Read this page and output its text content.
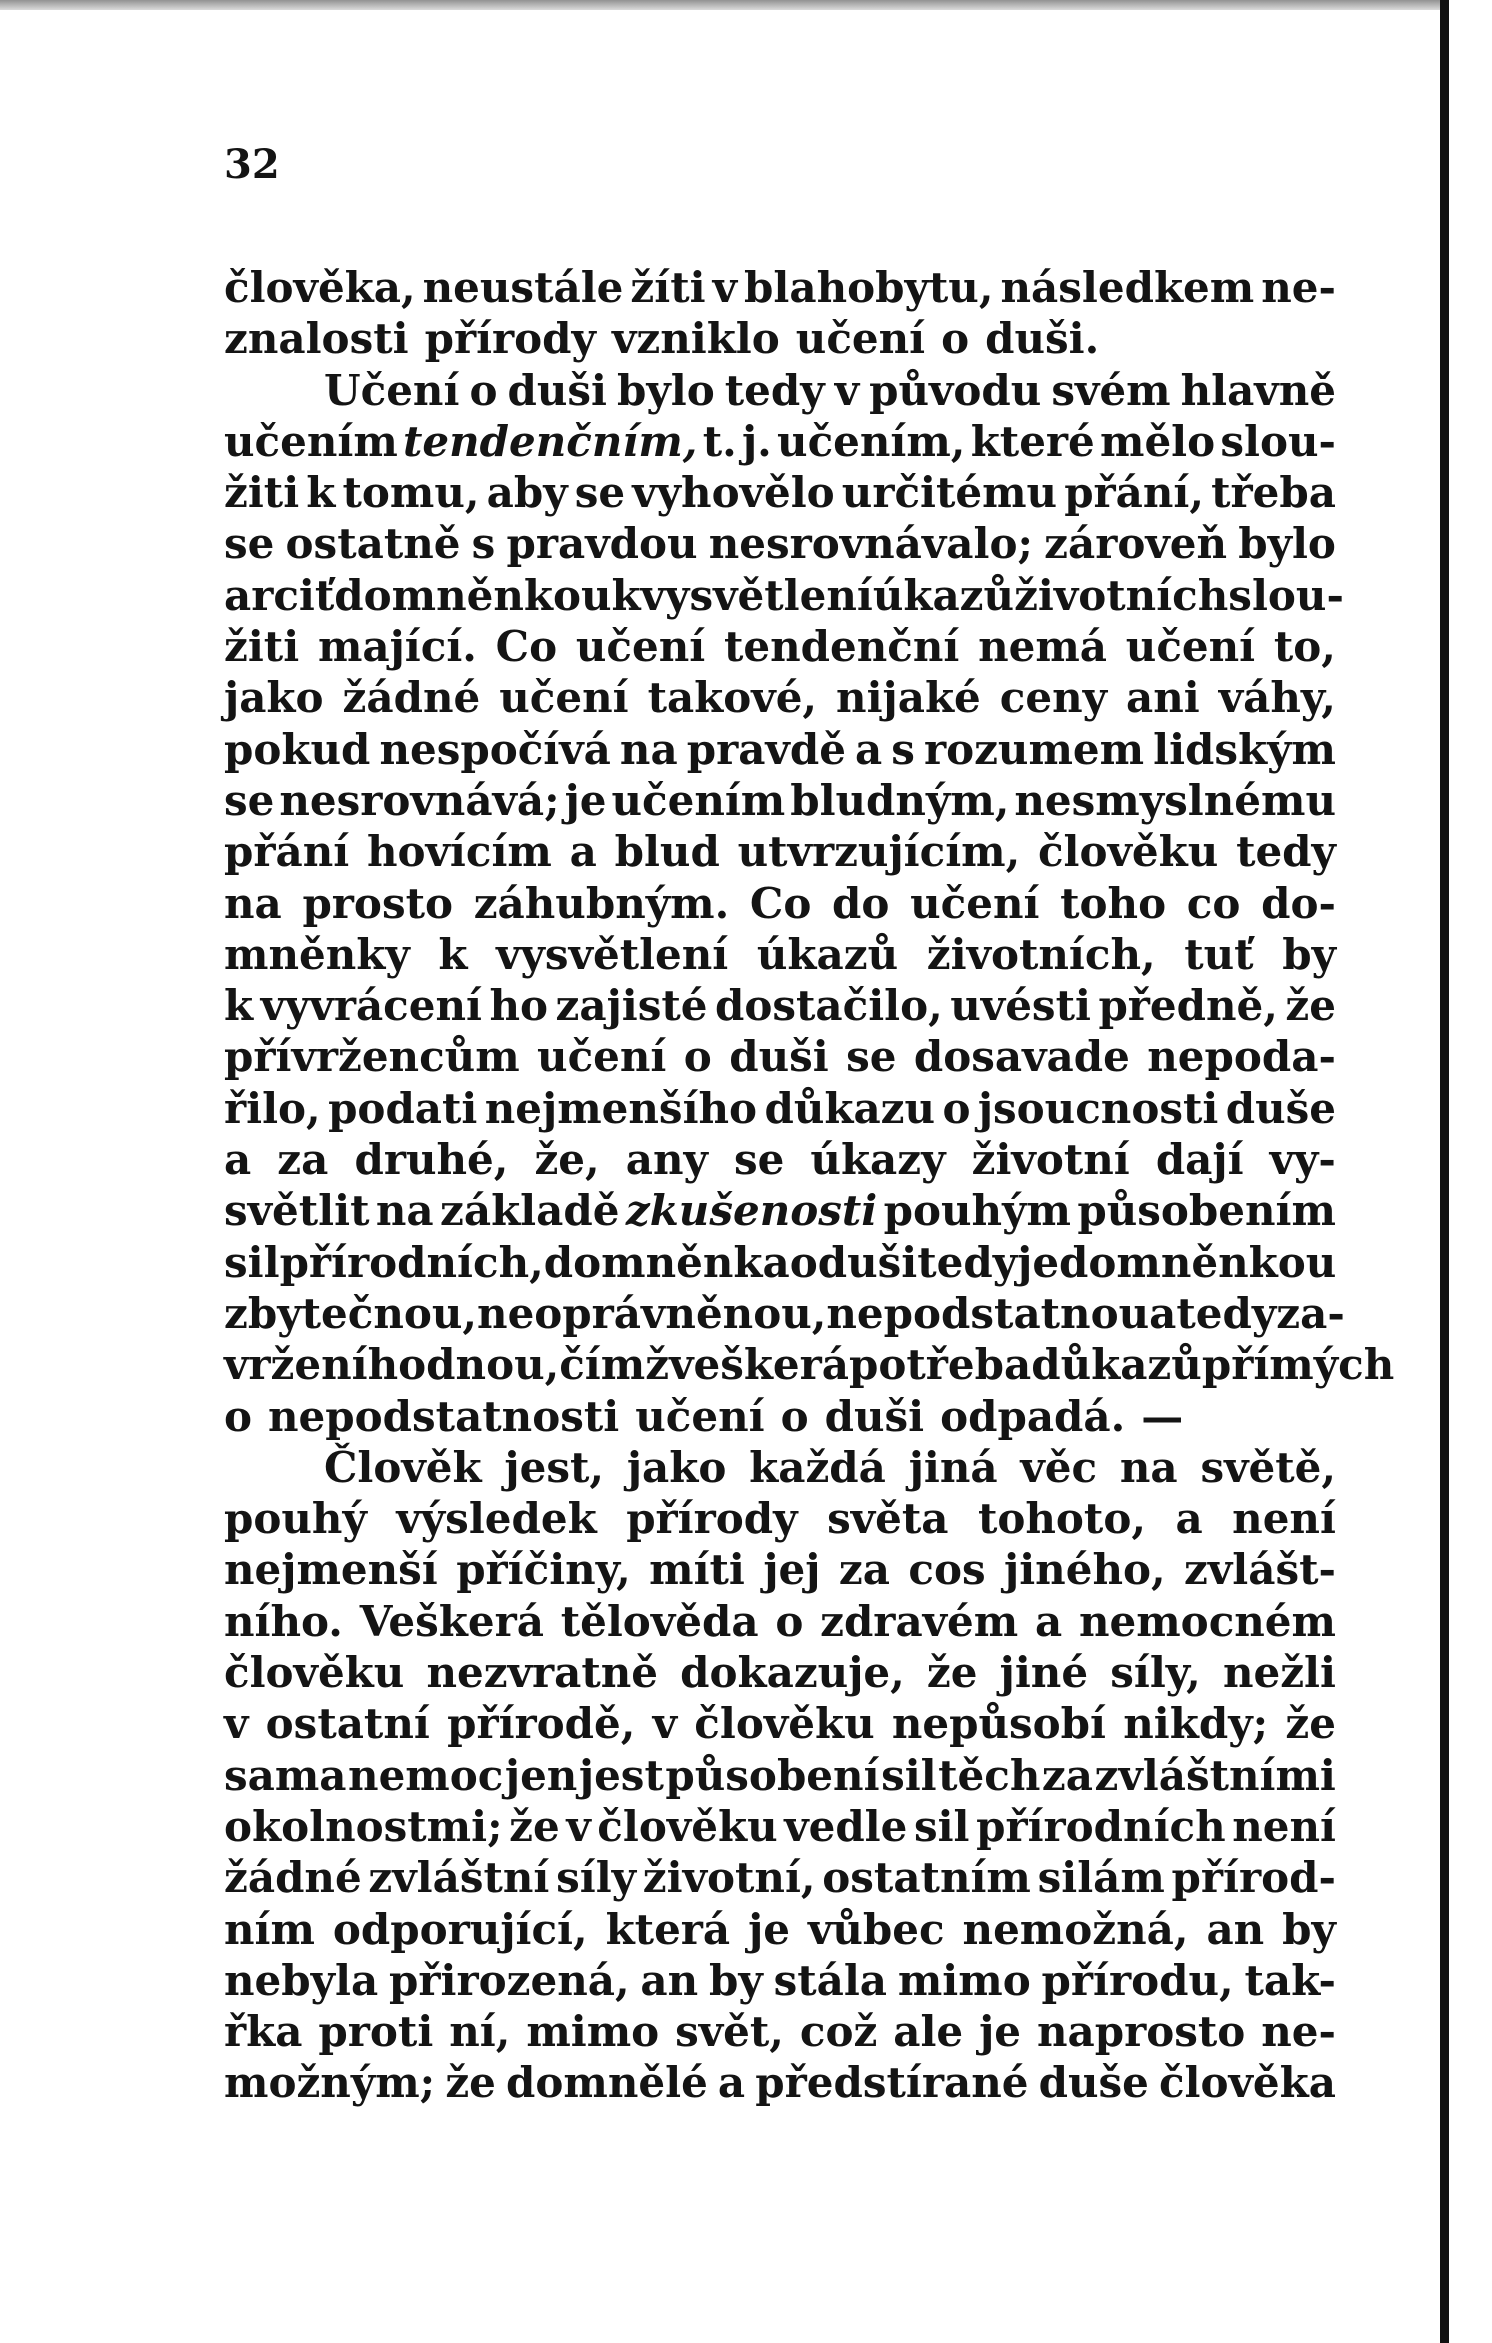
32
člověka, neustále žíti v blahobytu, následkem ne-
znalosti přírody vzniklo učení o duši.
Učení o duši bylo tedy v původu svém hlavně
učením tendenčním, t. j. učením, které mělo slou-
žiti k tomu, aby se vyhovělo určitému přání, třeba
se ostatně s pravdou nesrovnávalo; zároveň bylo
arciť domněnkou k vysvětlení úkazů životních slou-
žiti mající. Co učení tendenční nemá učení to,
jako žádné učení takové, nijaké ceny ani váhy,
pokud nespočívá na pravdě a s rozumem lidským
se nesrovnává; je učením bludným, nesmyslnému
přání hovícím a blud utvrzujícím, člověku tedy
na prosto záhubným. Co do učení toho co do-
mněnky k vysvětlení úkazů životních, tuť by
k vyvrácení ho zajisté dostačilo, uvésti předně, že
přívržencům učení o duši se dosavade nepoda-
řilo, podati nejmenšího důkazu o jsoucnosti duše
a za druhé, že, any se úkazy životní dají vy-
světlit na základě zkušenosti pouhým působením
sil přírodních, domněnka o duši tedy je domněnkou
zbytečnou, neoprávněnou, nepodstatnou a tedy za-
vržení hodnou, čímž veškerá potřeba důkazů přímých
o nepodstatnosti učení o duši odpadá. —
Člověk jest, jako každá jiná věc na světě,
pouhý výsledek přírody světa tohoto, a není
nejmenší příčiny, míti jej za cos jiného, zvlášt-
ního. Veškerá tělověda o zdravém a nemocném
člověku nezvratně dokazuje, že jiné síly, nežli
v ostatní přírodě, v člověku nepůsobí nikdy; že
sama nemoc jen jest působení sil těch za zvláštními
okolnostmi; že v člověku vedle sil přírodních není
žádné zvláštní síly životní, ostatním silám přírod-
ním odporující, která je vůbec nemožná, an by
nebyla přirozená, an by stála mimo přírodu, tak-
řka proti ní, mimo svět, což ale je naprosto ne-
možným; že domnělé a předstírané duše člověka
